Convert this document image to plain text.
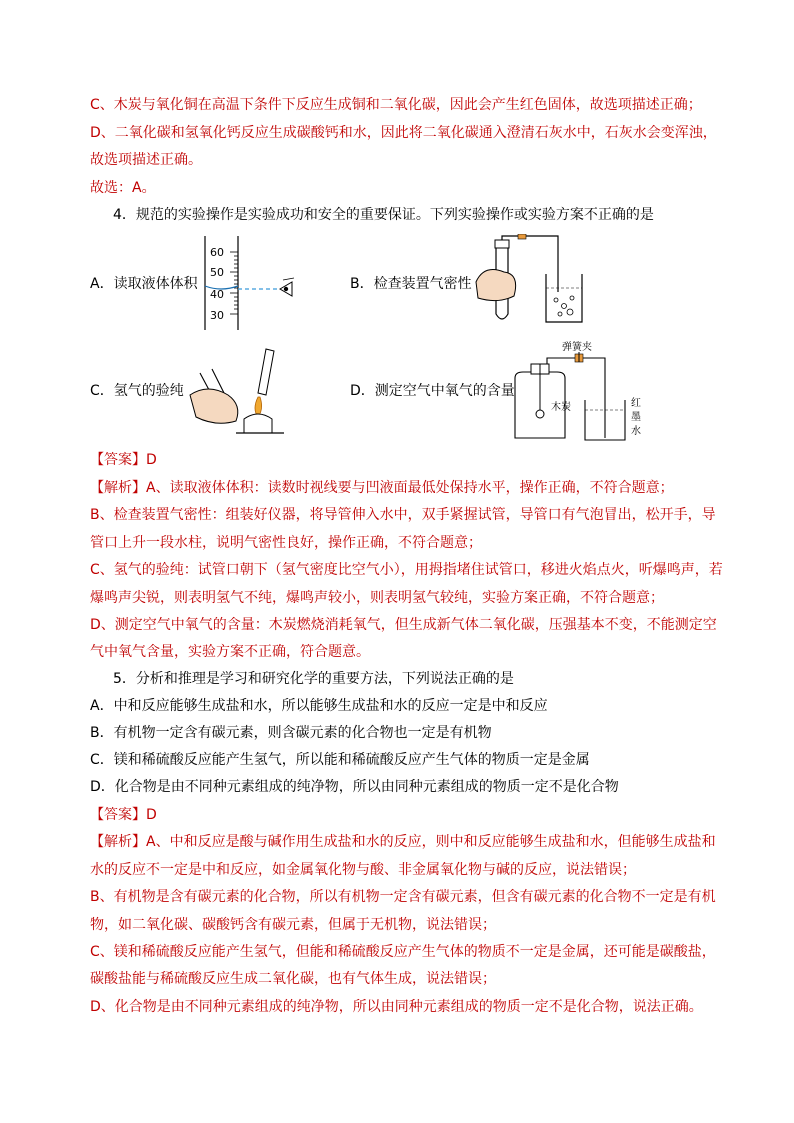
C、木炭与氧化铜在高温下条件下反应生成铜和二氧化碳，因此会产生红色固体，故选项描述正确；
D、二氧化碳和氢氧化钙反应生成碳酸钙和水，因此将二氧化碳通入澄清石灰水中，石灰水会变浑浊，
故选项描述正确。
故选：A。
4．规范的实验操作是实验成功和安全的重要保证。下列实验操作或实验方案不正确的是
A．读取液体体积	B．检查装置气密性
C．氢气的验纯	D．测定空气中氧气的含量
60
50
40
30
弹簧夹
木炭	红
墨
水
【答案】D
【解析】A、读取液体体积：读数时视线要与凹液面最低处保持水平，操作正确，不符合题意；
B、检查装置气密性：组装好仪器，将导管伸入水中，双手紧握试管，导管口有气泡冒出，松开手，导
管口上升一段水柱，说明气密性良好，操作正确，不符合题意；
C、氢气的验纯：试管口朝下（氢气密度比空气小），用拇指堵住试管口，移进火焰点火，听爆鸣声，若
爆鸣声尖锐，则表明氢气不纯，爆鸣声较小，则表明氢气较纯，实验方案正确，不符合题意；
D、测定空气中氧气的含量：木炭燃烧消耗氧气，但生成新气体二氧化碳，压强基本不变，不能测定空
气中氧气含量，实验方案不正确，符合题意。
5．分析和推理是学习和研究化学的重要方法，下列说法正确的是
A．中和反应能够生成盐和水，所以能够生成盐和水的反应一定是中和反应
B．有机物一定含有碳元素，则含碳元素的化合物也一定是有机物
C．镁和稀硫酸反应能产生氢气，所以能和稀硫酸反应产生气体的物质一定是金属
D．化合物是由不同种元素组成的纯净物，所以由同种元素组成的物质一定不是化合物
【答案】D
【解析】A、中和反应是酸与碱作用生成盐和水的反应，则中和反应能够生成盐和水，但能够生成盐和
水的反应不一定是中和反应，如金属氧化物与酸、非金属氧化物与碱的反应，说法错误；
B、有机物是含有碳元素的化合物，所以有机物一定含有碳元素，但含有碳元素的化合物不一定是有机
物，如二氧化碳、碳酸钙含有碳元素，但属于无机物，说法错误；
C、镁和稀硫酸反应能产生氢气，但能和稀硫酸反应产生气体的物质不一定是金属，还可能是碳酸盐，
碳酸盐能与稀硫酸反应生成二氧化碳，也有气体生成，说法错误；
D、化合物是由不同种元素组成的纯净物，所以由同种元素组成的物质一定不是化合物，说法正确。
